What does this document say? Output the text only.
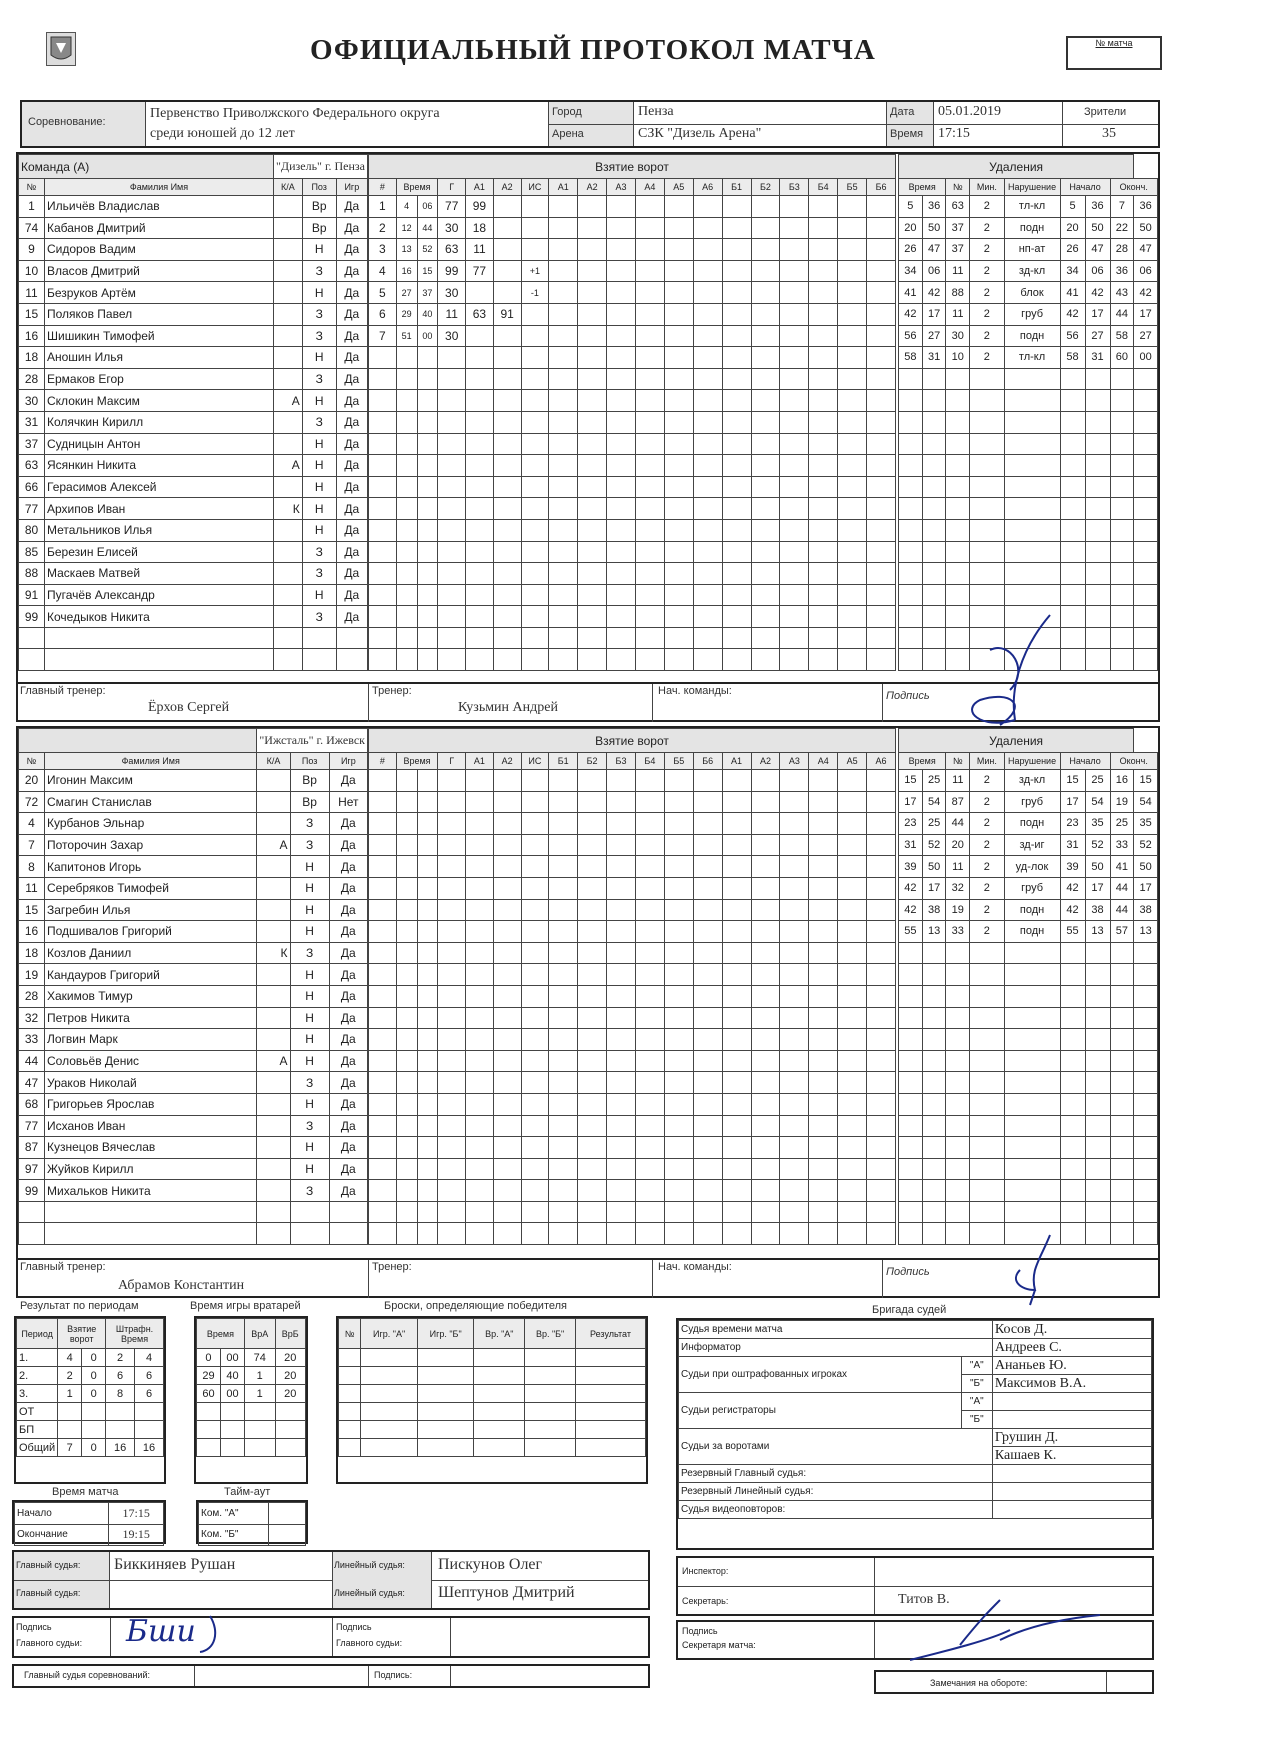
ОФИЦИАЛЬНЫЙ ПРОТОКОЛ МАТЧА	№ матча
Соревнование:
Первенство Приволжского Федерального округа
среди юношей до 12 лет
Город	Пенза
Арена	СЗК "Дизель Арена"
Дата 05.01.2019
Время 17:15
Зрители
35
Команда (А)		"Дизель" г. Пенза		
№	Фамилия Имя	К/А	Поз	Игр
1	Ильичёв Владислав		Вр	Да
74	Кабанов Дмитрий		Вр	Да
9	Сидоров Вадим		Н	Да
10	Власов Дмитрий		З	Да
11	Безруков Артём		Н	Да
15	Поляков Павел		З	Да
16	Шишикин Тимофей		З	Да
18	Аношин Илья		Н	Да
28	Ермаков Егор		З	Да
30	Склокин Максим	А	Н	Да
31	Колячкин Кирилл		З	Да
37	Судницын Антон		Н	Да
63	Ясянкин Никита	А	Н	Да
66	Герасимов Алексей		Н	Да
77	Архипов Иван	К	Н	Да
80	Метальников Илья		Н	Да
85	Березин Елисей		З	Да
88	Маскаев Матвей		З	Да
91	Пугачёв Александр		Н	Да
99	Кочедыков Никита		З	Да

Взятие ворот																		
#	Время		Г	А1	А2	ИС	А1	А2	А3	А4	А5	А6	Б1	Б2	Б3	Б4	Б5	Б6
1	4	06	77	99														
2	12	44	30	18														
3	13	52	63	11														
4	16	15	99	77		+1												
5	27	37	30			-1												
6	29	40	11	63	91													
7	51	00	30															

Удаления								
Время		№	Мин.	Нарушение	Начало		Оконч.	
5	36	63	2	тл-кл	5	36	7	36
20	50	37	2	подн	20	50	22	50
26	47	37	2	нп-ат	26	47	28	47
34	06	11	2	зд-кл	34	06	36	06
41	42	88	2	блок	41	42	43	42
42	17	11	2	груб	42	17	44	17
56	27	30	2	подн	56	27	58	27
58	31	10	2	тл-кл	58	31	60	00

Главный тренер:
Ёрхов Сергей
Тренер:
Кузьмин Андрей
Нач. команды:	Подпись
		"Ижсталь" г. Ижевск		
№	Фамилия Имя	К/А	Поз	Игр
20	Игонин Максим		Вр	Да
72	Смагин Станислав		Вр	Нет
4	Курбанов Эльнар		З	Да
7	Поторочин Захар	А	З	Да
8	Капитонов Игорь		Н	Да
11	Серебряков Тимофей		Н	Да
15	Загребин Илья		Н	Да
16	Подшивалов Григорий		Н	Да
18	Козлов Даниил	К	З	Да
19	Кандауров Григорий		Н	Да
28	Хакимов Тимур		Н	Да
32	Петров Никита		Н	Да
33	Логвин Марк		Н	Да
44	Соловьёв Денис	А	Н	Да
47	Ураков Николай		З	Да
68	Григорьев Ярослав		Н	Да
77	Исханов Иван		З	Да
87	Кузнецов Вячеслав		Н	Да
97	Жуйков Кирилл		Н	Да
99	Михальков Никита		З	Да

Взятие ворот																		
#	Время		Г	А1	А2	ИС	Б1	Б2	Б3	Б4	Б5	Б6	А1	А2	А3	А4	А5	А6

Удаления								
Время		№	Мин.	Нарушение	Начало		Оконч.	
15	25	11	2	зд-кл	15	25	16	15
17	54	87	2	груб	17	54	19	54
23	25	44	2	подн	23	35	25	35
31	52	20	2	зд-иг	31	52	33	52
39	50	11	2	уд-лок	39	50	41	50
42	17	32	2	груб	42	17	44	17
42	38	19	2	подн	42	38	44	38
55	13	33	2	подн	55	13	57	13

Главный тренер:
Абрамов Константин
Тренер:	Нач. команды:	Подпись
Результат по периодам
Период	Взятие ворот		Штрафн. Время	
1.	4	0	2	4
2.	2	0	6	6
3.	1	0	8	6
ОТ				
БП				
Общий	7	0	16	16
Время игры вратарей
Время		ВрА	ВрБ
0	00	74	20
29	40	1	20
60	00	1	20

Броски, определяющие победителя
№	Игр. "А"	Игр. "Б"	Вр. "А"	Вр. "Б"	Результат

Время матча
Начало	17:15
Окончание	19:15
Тайм-аут
Ком. "А"	
Ком. "Б"	
Главный судья: Биккиняев Рушан
Главный судья:
Линейный судья: Пискунов Олег
Линейный судья: Шептунов Дмитрий
Подпись
Главного судьи:
Подпись
Главного судьи:
Главный судья соревнований:	Подпись:
Бригада судей
Судья времени матча		Косов Д.
Информатор		Андреев С.
Судьи при оштрафованных игроках	"А"	Ананьев Ю.
	"Б"	Максимов В.А.
Судьи регистраторы	"А"	
	"Б"	
Судьи за воротами		Грушин Д.
		Кашаев К.
Резервный Главный судья:		
Резервный Линейный судья:		
Судья видеоповторов:		
Инспектор:
Секретарь:	Титов В.
Подпись
Секретаря матча:
Замечания на обороте:
Бши
